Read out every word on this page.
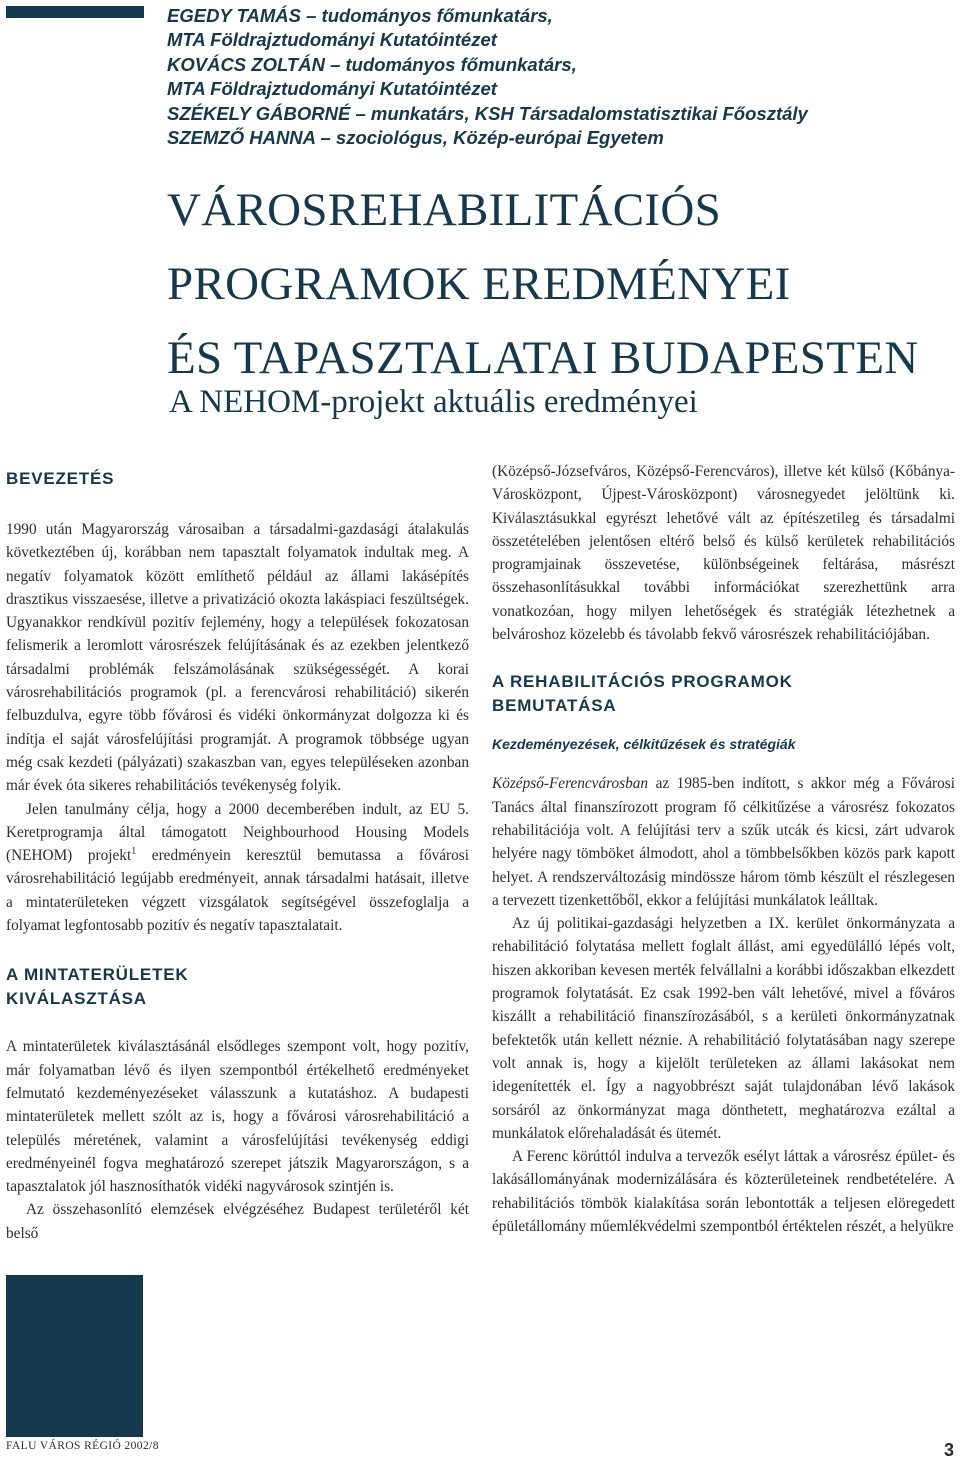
EGEDY TAMÁS – tudományos főmunkatárs,
MTA Földrajztudományi Kutatóintézet
KOVÁCS ZOLTÁN – tudományos főmunkatárs,
MTA Földrajztudományi Kutatóintézet
SZÉKELY GÁBORNÉ – munkatárs, KSH Társadalomstatisztikai Főosztály
SZEMZŐ HANNA – szociológus, Közép-európai Egyetem
VÁROSREHABILITÁCIÓS
PROGRAMOK EREDMÉNYEI
ÉS TAPASZTALATAI BUDAPESTEN
A NEHOM-projekt aktuális eredményei
BEVEZETÉS

1990 után Magyarország városaiban a társadalmi-gazdasági átalakulás következtében új, korábban nem tapasztalt folyamatok indultak meg. A negatív folyamatok között említhető például az állami lakásépítés drasztikus visszaesése, illetve a privatizáció okozta lakáspiaci feszültségek. Ugyanakkor rendkívül pozitív fejlemény, hogy a települések fokozatosan felismerik a leromlott városrészek felújításának és az ezekben jelentkező társadalmi problémák felszámolásának szükségességét. A korai városrehabilitációs programok (pl. a ferencvárosi rehabilitáció) sikerén felbuzdulva, egyre több fővárosi és vidéki önkormányzat dolgozza ki és indítja el saját városfelújítási programját. A programok többsége ugyan még csak kezdeti (pályázati) szakaszban van, egyes településeken azonban már évek óta sikeres rehabilitációs tevékenység folyik.

Jelen tanulmány célja, hogy a 2000 decemberében indult, az EU 5. Keretprogramja által támogatott Neighbourhood Housing Models (NEHOM) projekt$^1$ eredményein keresztül bemutassa a fővárosi városrehabilitáció legújabb eredményeit, annak társadalmi hatásait, illetve a mintaterületeken végzett vizsgálatok segítségével összefoglalja a folyamat legfontosabb pozitív és negatív tapasztalatait.

A MINTATERÜLETEK
KIVÁLASZTÁSA

A mintaterületek kiválasztásánál elsődleges szempont volt, hogy pozitív, már folyamatban lévő és ilyen szempontból értékelhető eredményeket felmutató kezdeményezéseket válasszunk a kutatáshoz. A budapesti mintaterületek mellett szólt az is, hogy a fővárosi városrehabilitáció a település méretének, valamint a városfelújítási tevékenység eddigi eredményeinél fogva meghatározó szerepet játszik Magyarországon, s a tapasztalatok jól hasznosíthatók vidéki nagyvárosok szintjén is.

Az összehasonlító elemzések elvégzéséhez Budapest területéről két belső

(Középső-Józsefváros, Középső-Ferencváros), illetve két külső (Kőbánya-Városközpont, Újpest-Városközpont) városnegyedet jelöltünk ki. Kiválasztásukkal egyrészt lehetővé vált az építészetileg és társadalmi összetételében jelentősen eltérő belső és külső kerületek rehabilitációs programjainak összevetése, különbségeinek feltárása, másrészt összehasonlításukkal további információkat szerezhettünk arra vonatkozóan, hogy milyen lehetőségek és stratégiák létezhetnek a belvároshoz közelebb és távolabb fekvő városrészek rehabilitációjában.

A REHABILITÁCIÓS PROGRAMOK
BEMUTATÁSA
Kezdeményezések, célkitűzések és stratégiák

Középső-Ferencvárosban az 1985-ben indított, s akkor még a Fővárosi Tanács által finanszírozott program fő célkitűzése a városrész fokozatos rehabilitációja volt. A felújítási terv a szűk utcák és kicsi, zárt udvarok helyére nagy tömböket álmodott, ahol a tömbbelsőkben közös park kapott helyet. A rendszerváltozásig mindössze három tömb készült el részlegesen a tervezett tizenkettőből, ekkor a felújítási munkálatok leálltak.

Az új politikai-gazdasági helyzetben a IX. kerület önkormányzata a rehabilitáció folytatása mellett foglalt állást, ami egyedülálló lépés volt, hiszen akkoriban kevesen merték felvállalni a korábbi időszakban elkezdett programok folytatását. Ez csak 1992-ben vált lehetővé, mivel a főváros kiszállt a rehabilitáció finanszírozásából, s a kerületi önkormányzatnak befektetők után kellett néznie. A rehabilitáció folytatásában nagy szerepe volt annak is, hogy a kijelölt területeken az állami lakásokat nem idegenítették el. Így a nagyobbrészt saját tulajdonában lévő lakások sorsáról az önkormányzat maga dönthetett, meghatározva ezáltal a munkálatok előrehaladását és ütemét.

A Ferenc körúttól indulva a tervezők esélyt láttak a városrész épület- és lakásállományának modernizálására és közterületeinek rendbetételére. A rehabilitációs tömbök kialakítása során lebontották a teljesen elöregedett épületállomány műemlékvédelmi szempontból értéktelen részét, a helyükre

FALU VÁROS RÉGIÓ 2002/8	3
